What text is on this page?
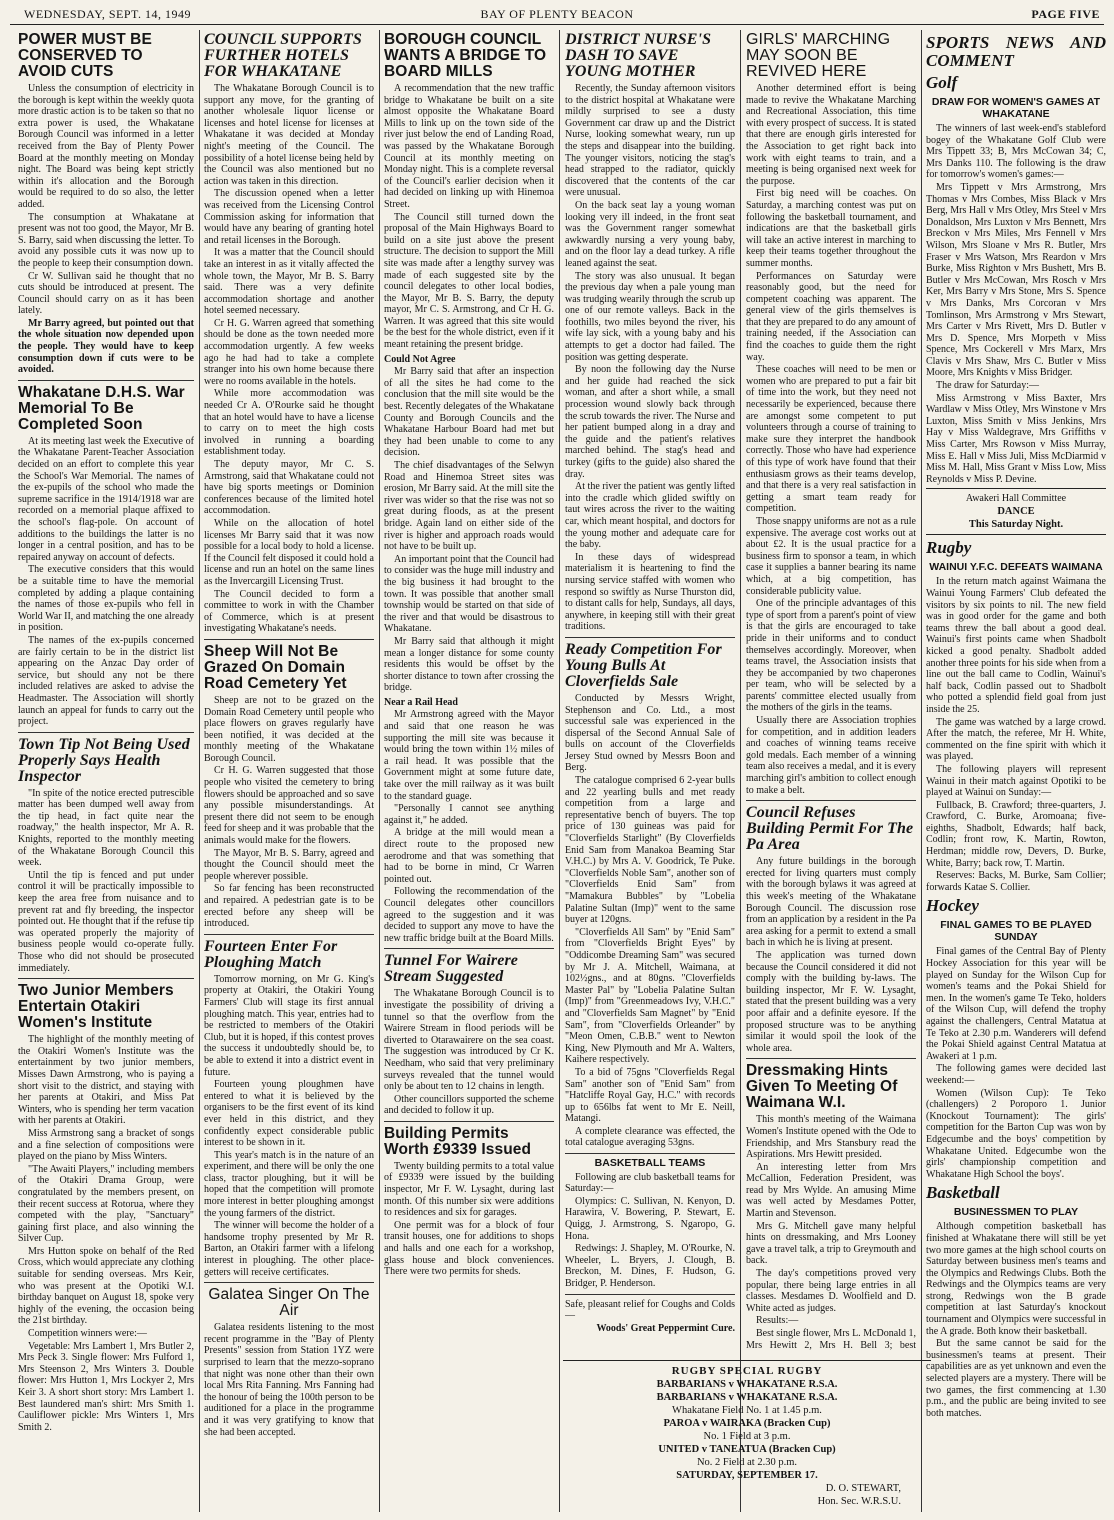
WEDNESDAY, SEPT. 14, 1949	BAY OF PLENTY BEACON	PAGE FIVE
POWER MUST BE CONSERVED TO AVOID CUTS

Unless the consumption of electricity in the borough is kept within the weekly quota more drastic action is to be taken so that no extra power is used, the Whakatane Borough Council was informed in a letter received from the Bay of Plenty Power Board at the monthly meeting on Monday night. The Board was being kept strictly within it's allocation and the Borough would be required to do so also, the letter added.

The consumption at Whakatane at present was not too good, the Mayor, Mr B. S. Barry, said when discussing the letter. To avoid any possible cuts it was now up to the people to keep their consumption down.

Cr W. Sullivan said he thought that no cuts should be introduced at present. The Council should carry on as it has been lately.

Mr Barry agreed, but pointed out that the whole situation now depended upon the people. They would have to keep consumption down if cuts were to be avoided.

Whakatane D.H.S. War Memorial To Be Completed Soon

At its meeting last week the Executive of the Whakatane Parent-Teacher Association decided on an effort to complete this year the School's War Memorial. The names of the ex-pupils of the school who made the supreme sacrifice in the 1914/1918 war are recorded on a memorial plaque affixed to the school's flag-pole. On account of additions to the buildings the latter is no longer in a central position, and has to be repaired anyway on account of defects.

The executive considers that this would be a suitable time to have the memorial completed by adding a plaque containing the names of those ex-pupils who fell in World War II, and matching the one already in position.

The names of the ex-pupils concerned are fairly certain to be in the district list appearing on the Anzac Day order of service, but should any not be there included relatives are asked to advise the Headmaster. The Association will shortly launch an appeal for funds to carry out the project.

Town Tip Not Being Used Properly Says Health Inspector

"In spite of the notice erected putrescible matter has been dumped well away from the tip head, in fact quite near the roadway," the health inspector, Mr A. R. Knights, reported to the monthly meeting of the Whakatane Borough Council this week.

Until the tip is fenced and put under control it will be practically impossible to keep the area free from nuisance and to prevent rat and fly breeding, the inspector pointed out. He thought that if the refuse tip was operated properly the majority of business people would co-operate fully. Those who did not should be prosecuted immediately.

Two Junior Members Entertain Otakiri Women's Institute

The highlight of the monthly meeting of the Otakiri Women's Institute was the entertainment by two junior members, Misses Dawn Armstrong, who is paying a short visit to the district, and staying with her parents at Otakiri, and Miss Pat Winters, who is spending her term vacation with her parents at Otakiri.

Miss Armstrong sang a bracket of songs and a fine selection of compositions were played on the piano by Miss Winters.

"The Awaiti Players," including members of the Otakiri Drama Group, were congratulated by the members present, on their recent success at Rotorua, where they competed with the play, "Sanctuary" gaining first place, and also winning the Silver Cup.

Mrs Hutton spoke on behalf of the Red Cross, which would appreciate any clothing suitable for sending overseas. Mrs Keir, who was present at the Opotiki W.I. birthday banquet on August 18, spoke very highly of the evening, the occasion being the 21st birthday.

Competition winners were:—

Vegetable: Mrs Lambert 1, Mrs Butler 2, Mrs Peck 3. Single flower: Mrs Fulford 1, Mrs Steenson 2, Mrs Winters 3. Double flower: Mrs Hutton 1, Mrs Lockyer 2, Mrs Keir 3. A short short story: Mrs Lambert 1. Best laundered man's shirt: Mrs Smith 1. Cauliflower pickle: Mrs Winters 1, Mrs Smith 2.

COUNCIL SUPPORTS FURTHER HOTELS FOR WHAKATANE

The Whakatane Borough Council is to support any move, for the granting of another wholesale liquor license or licenses and hotel license for licenses at Whakatane it was decided at Monday night's meeting of the Council. The possibility of a hotel license being held by the Council was also mentioned but no action was taken in this direction.

The discussion opened when a letter was received from the Licensing Control Commission asking for information that would have any bearing of granting hotel and retail licenses in the Borough.

It was a matter that the Council should take an interest in as it vitally affected the whole town, the Mayor, Mr B. S. Barry said. There was a very definite accommodation shortage and another hotel seemed necessary.

Cr H. G. Warren agreed that something should be done as the town needed more accommodation urgently. A few weeks ago he had had to take a complete stranger into his own home because there were no rooms available in the hotels.

While more accommodation was needed Cr A. O'Rourke said he thought that an hotel would have to have a license to carry on to meet the high costs involved in running a boarding establishment today.

The deputy mayor, Mr C. S. Armstrong, said that Whakatane could not have big sports meetings or Dominion conferences because of the limited hotel accommodation.

While on the allocation of hotel licenses Mr Barry said that it was now possible for a local body to hold a license. If the Council felt disposed it could hold a license and run an hotel on the same lines as the Invercargill Licensing Trust.

The Council decided to form a committee to work in with the Chamber of Commerce, which is at present investigating Whakatane's needs.

Sheep Will Not Be Grazed On Domain Road Cemetery Yet

Sheep are not to be grazed on the Domain Road Cemetery until people who place flowers on graves regularly have been notified, it was decided at the monthly meeting of the Whakatane Borough Council.

Cr H. G. Warren suggested that those people who visited the cemetery to bring flowers should be approached and so save any possible misunderstandings. At present there did not seem to be enough feed for sheep and it was probable that the animals would make for the flowers.

The Mayor, Mr B. S. Barry, agreed and thought the Council should meet the people wherever possible.

So far fencing has been reconstructed and repaired. A pedestrian gate is to be erected before any sheep will be introduced.

Fourteen Enter For Ploughing Match

Tomorrow morning, on Mr G. King's property at Otakiri, the Otakiri Young Farmers' Club will stage its first annual ploughing match. This year, entries had to be restricted to members of the Otakiri Club, but it is hoped, if this contest proves the success it undoubtedly should be, to be able to extend it into a district event in future.

Fourteen young ploughmen have entered to what it is believed by the organisers to be the first event of its kind ever held in this district, and they confidently expect considerable public interest to be shown in it.

This year's match is in the nature of an experiment, and there will be only the one class, tractor ploughing, but it will be hoped that the competition will promote more interest in better ploughing amongst the young farmers of the district.

The winner will become the holder of a handsome trophy presented by Mr R. Barton, an Otakiri farmer with a lifelong interest in ploughing. The other place-getters will receive certificates.

Galatea Singer On The Air

Galatea residents listening to the most recent programme in the "Bay of Plenty Presents" session from Station 1YZ were surprised to learn that the mezzo-soprano that night was none other than their own local Mrs Rita Fanning. Mrs Fanning had the honour of being the 100th person to be auditioned for a place in the programme and it was very gratifying to know that she had been accepted.

BOROUGH COUNCIL WANTS A BRIDGE TO BOARD MILLS

A recommendation that the new traffic bridge to Whakatane be built on a site almost opposite the Whakatane Board Mills to link up on the town side of the river just below the end of Landing Road, was passed by the Whakatane Borough Council at its monthly meeting on Monday night. This is a complete reversal of the Council's earlier decision when it had decided on linking up with Hinemoa Street.

The Council still turned down the proposal of the Main Highways Board to build on a site just above the present structure. The decision to support the Mill site was made after a lengthy survey was made of each suggested site by the council delegates to other local bodies, the Mayor, Mr B. S. Barry, the deputy mayor, Mr C. S. Armstrong, and Cr H. G. Warren. It was agreed that this site would be the best for the whole district, even if it meant retaining the present bridge.

Could Not Agree

Mr Barry said that after an inspection of all the sites he had come to the conclusion that the mill site would be the best. Recently delegates of the Whakatane County and Borough Councils and the Whakatane Harbour Board had met but they had been unable to come to any decision.

The chief disadvantages of the Selwyn Road and Hinemoa Street sites was erosion, Mr Barry said. At the mill site the river was wider so that the rise was not so great during floods, as at the present bridge. Again land on either side of the river is higher and approach roads would not have to be built up.

An important point that the Council had to consider was the huge mill industry and the big business it had brought to the town. It was possible that another small township would be started on that side of the river and that would be disastrous to Whakatane.

Mr Barry said that although it might mean a longer distance for some county residents this would be offset by the shorter distance to town after crossing the bridge.

Near a Rail Head

Mr Armstrong agreed with the Mayor and said that one reason he was supporting the mill site was because it would bring the town within 1½ miles of a rail head. It was possible that the Government might at some future date, take over the mill railway as it was built to the standard guage.

"Personally I cannot see anything against it," he added.

A bridge at the mill would mean a direct route to the proposed new aerodrome and that was something that had to be borne in mind, Cr Warren pointed out.

Following the recommendation of the Council delegates other councillors agreed to the suggestion and it was decided to support any move to have the new traffic bridge built at the Board Mills.

Tunnel For Wairere Stream Suggested

The Whakatane Borough Council is to investigate the possibility of driving a tunnel so that the overflow from the Wairere Stream in flood periods will be diverted to Otarawairere on the sea coast. The suggestion was introduced by Cr K. Needham, who said that very preliminary surveys revealed that the tunnel would only be about ten to 12 chains in length.

Other councillors supported the scheme and decided to follow it up.

Building Permits Worth £9339 Issued

Twenty building permits to a total value of £9339 were issued by the building inspector, Mr F. W. Lysaght, during last month. Of this number six were additions to residences and six for garages.

One permit was for a block of four transit houses, one for additions to shops and halls and one each for a workshop, glass house and block conveniences. There were two permits for sheds.

DISTRICT NURSE'S DASH TO SAVE YOUNG MOTHER

Recently, the Sunday afternoon visitors to the district hospital at Whakatane were mildly surprised to see a dusty Government car draw up and the District Nurse, looking somewhat weary, run up the steps and disappear into the building. The younger visitors, noticing the stag's head strapped to the radiator, quickly discovered that the contents of the car were unusual.

On the back seat lay a young woman looking very ill indeed, in the front seat was the Government ranger somewhat awkwardly nursing a very young baby, and on the floor lay a dead turkey. A rifle leaned against the seat.

The story was also unusual. It began the previous day when a pale young man was trudging wearily through the scrub up one of our remote valleys. Back in the foothills, two miles beyond the river, his wife lay sick, with a young baby and his attempts to get a doctor had failed. The position was getting desperate.

By noon the following day the Nurse and her guide had reached the sick woman, and after a short while, a small procession wound slowly back through the scrub towards the river. The Nurse and her patient bumped along in a dray and the guide and the patient's relatives marched behind. The stag's head and turkey (gifts to the guide) also shared the dray.

At the river the patient was gently lifted into the cradle which glided swiftly on taut wires across the river to the waiting car, which meant hospital, and doctors for the young mother and adequate care for the baby.

In these days of widespread materialism it is heartening to find the nursing service staffed with women who respond so swiftly as Nurse Thurston did, to distant calls for help, Sundays, all days, anywhere, in keeping still with their great traditions.

Ready Competition For Young Bulls At Cloverfields Sale

Conducted by Messrs Wright, Stephenson and Co. Ltd., a most successful sale was experienced in the dispersal of the Second Annual Sale of bulls on account of the Cloverfields Jersey Stud owned by Messrs Boon and Berg.

The catalogue comprised 6 2-year bulls and 22 yearling bulls and met ready competition from a large and representative bench of buyers. The top price of 130 guineas was paid for "Cloverfields Starlight" (By Cloverfields Enid Sam from Manakoa Beaming Star V.H.C.) by Mrs A. V. Goodrick, Te Puke. "Cloverfields Noble Sam", another son of "Cloverfields Enid Sam" from "Mamakura Bubbles" by "Lobelia Palatine Sultan (Imp)" went to the same buyer at 120gns.

"Cloverfields All Sam" by "Enid Sam" from "Cloverfields Bright Eyes" by "Oddicombe Dreaming Sam" was secured by Mr J. A. Mitchell, Waimana, at 102½gns., and at 80gns. "Cloverfields Master Pal" by "Lobelia Palatine Sultan (Imp)" from "Greenmeadows Ivy, V.H.C." and "Cloverfields Sam Magnet" by "Enid Sam", from "Cloverfields Orleander" by "Meon Omen, C.B.B." went to Newton King, New Plymouth and Mr A. Walters, Kaihere respectively.

To a bid of 75gns "Cloverfields Regal Sam" another son of "Enid Sam" from "Hatcliffe Royal Gay, H.C." with records up to 656lbs fat went to Mr E. Neill, Matangi.

A complete clearance was effected, the total catalogue averaging 53gns.

BASKETBALL TEAMS

Following are club basketball teams for Saturday:—

Olympics: C. Sullivan, N. Kenyon, D. Harawira, V. Bowering, P. Stewart, E. Quigg, J. Armstrong, S. Ngaropo, G. Hona.

Redwings: J. Shapley, M. O'Rourke, N. Wheeler, L. Bryers, J. Clough, B. Breckon, M. Dines, F. Hudson, G. Bridger, P. Henderson.

Safe, pleasant relief for Coughs and Colds—

Woods' Great Peppermint Cure.

GIRLS' MARCHING MAY SOON BE REVIVED HERE

Another determined effort is being made to revive the Whakatane Marching and Recreational Association, this time with every prospect of success. It is stated that there are enough girls interested for the Association to get right back into work with eight teams to train, and a meeting is being organised next week for the purpose.

First big need will be coaches. On Saturday, a marching contest was put on following the basketball tournament, and indications are that the basketball girls will take an active interest in marching to keep their teams together throughout the summer months.

Performances on Saturday were reasonably good, but the need for competent coaching was apparent. The general view of the girls themselves is that they are prepared to do any amount of training needed, if the Association can find the coaches to guide them the right way.

These coaches will need to be men or women who are prepared to put a fair bit of time into the work, but they need not necessarily be experienced, because there are amongst some competent to put volunteers through a course of training to make sure they interpret the handbook correctly. Those who have had experience of this type of work have found that their enthusiasm grows as their teams develop, and that there is a very real satisfaction in getting a smart team ready for competition.

Those snappy uniforms are not as a rule expensive. The average cost works out at about £2. It is the usual practice for a business firm to sponsor a team, in which case it supplies a banner bearing its name which, at a big competition, has considerable publicity value.

One of the principle advantages of this type of sport from a parent's point of view is that the girls are encouraged to take pride in their uniforms and to conduct themselves accordingly. Moreover, when teams travel, the Association insists that they be accompanied by two chaperones per team, who will be selected by a parents' committee elected usually from the mothers of the girls in the teams.

Usually there are Association trophies for competition, and in addition leaders and coaches of winning teams receive gold medals. Each member of a winning team also receives a medal, and it is every marching girl's ambition to collect enough to make a belt.

Council Refuses Building Permit For The Pa Area

Any future buildings in the borough erected for living quarters must comply with the borough bylaws it was agreed at this week's meeting of the Whakatane Borough Council. The discussion rose from an application by a resident in the Pa area asking for a permit to extend a small bach in which he is living at present.

The application was turned down because the Council considered it did not comply with the building by-laws. The building inspector, Mr F. W. Lysaght, stated that the present building was a very poor affair and a definite eyesore. If the proposed structure was to be anything similar it would spoil the look of the whole area.

Dressmaking Hints Given To Meeting Of Waimana W.I.

This month's meeting of the Waimana Women's Institute opened with the Ode to Friendship, and Mrs Stansbury read the Aspirations. Mrs Hewitt presided.

An interesting letter from Mrs McCallion, Federation President, was read by Mrs Wylde. An amusing Mime was well acted by Mesdames Potter, Martin and Stevenson.

Mrs G. Mitchell gave many helpful hints on dressmaking, and Mrs Looney gave a travel talk, a trip to Greymouth and back.

The day's competitions proved very popular, there being large entries in all classes. Mesdames D. Woolfield and D. White acted as judges.

Results:—

Best single flower, Mrs L. McDonald 1, Mrs Hewitt 2, Mrs H. Bell 3; best

RUGBY SPECIAL RUGBY
BARBARIANS v WHAKATANE R.S.A.
BARBARIANS v WHAKATANE R.S.A.
Whakatane Field No. 1 at 1.45 p.m.
PAROA v WAIRAKA (Bracken Cup)
No. 1 Field at 3 p.m.
UNITED v TANEATUA (Bracken Cup)
No. 2 Field at 2.30 p.m.
SATURDAY, SEPTEMBER 17.
D. O. STEWART,
Hon. Sec. W.R.S.U.
SPORTS NEWS AND COMMENT
Golf
DRAW FOR WOMEN'S GAMES AT WHAKATANE

The winners of last week-end's stableford bogey of the Whakatane Golf Club were Mrs Tippett 33; B, Mrs McCowan 34; C, Mrs Danks 110. The following is the draw for tomorrow's women's games:—

Mrs Tippett v Mrs Armstrong, Mrs Thomas v Mrs Combes, Miss Black v Mrs Berg, Mrs Hall v Mrs Otley, Mrs Steel v Mrs Donaldson, Mrs Luxton v Mrs Bennett, Mrs Breckon v Mrs Miles, Mrs Fennell v Mrs Wilson, Mrs Sloane v Mrs R. Butler, Mrs Fraser v Mrs Watson, Mrs Reardon v Mrs Burke, Miss Righton v Mrs Bushett, Mrs B. Butler v Mrs McCowan, Mrs Rosch v Mrs Ker, Mrs Barry v Mrs Stone, Mrs S. Spence v Mrs Danks, Mrs Corcoran v Mrs Tomlinson, Mrs Armstrong v Mrs Stewart, Mrs Carter v Mrs Rivett, Mrs D. Butler v Mrs D. Spence, Mrs Morpeth v Miss Spence, Mrs Cockerell v Mrs Marx, Mrs Clavis v Mrs Shaw, Mrs C. Butler v Miss Moore, Mrs Knights v Miss Bridger.

The draw for Saturday:—

Miss Armstrong v Miss Baxter, Mrs Wardlaw v Miss Otley, Mrs Winstone v Mrs Luxton, Miss Smith v Miss Jenkins, Mrs Hay v Miss Waldegrave, Mrs Griffiths v Miss Carter, Mrs Rowson v Miss Murray, Miss E. Hall v Miss Juli, Miss McDiarmid v Miss M. Hall, Miss Grant v Miss Low, Miss Reynolds v Miss P. Devine.

Awakeri Hall Committee
DANCE
This Saturday Night.
Rugby
WAINUI Y.F.C. DEFEATS WAIMANA

In the return match against Waimana the Wainui Young Farmers' Club defeated the visitors by six points to nil. The new field was in good order for the game and both teams threw the ball about a good deal. Wainui's first points came when Shadbolt kicked a good penalty. Shadbolt added another three points for his side when from a line out the ball came to Codlin, Wainui's half back, Codlin passed out to Shadbolt who potted a splendid field goal from just inside the 25.

The game was watched by a large crowd. After the match, the referee, Mr H. White, commented on the fine spirit with which it was played.

The following players will represent Wainui in their match against Opotiki to be played at Wainui on Sunday:—

Fullback, B. Crawford; three-quarters, J. Crawford, C. Burke, Aromoana; five-eighths, Shadbolt, Edwards; half back, Codlin; front row, K. Martin, Rowton, Herdman; middle row, Devers, D. Burke, White, Barry; back row, T. Martin.

Reserves: Backs, M. Burke, Sam Collier; forwards Katae S. Collier.

Hockey
FINAL GAMES TO BE PLAYED SUNDAY

Final games of the Central Bay of Plenty Hockey Association for this year will be played on Sunday for the Wilson Cup for women's teams and the Pokai Shield for men. In the women's game Te Teko, holders of the Wilson Cup, will defend the trophy against the challengers, Central Matatua at Te Teko at 2.30 p.m. Wanderers will defend the Pokai Shield against Central Matatua at Awakeri at 1 p.m.

The following games were decided last weekend:—

Women (Wilson Cup): Te Teko (challengers) 2 Poroporo 1. Junior (Knockout Tournament): The girls' competition for the Barton Cup was won by Edgecumbe and the boys' competition by Whakatane United. Edgecumbe won the girls' championship competition and Whakatane High School the boys'.

Basketball
BUSINESSMEN TO PLAY

Although competition basketball has finished at Whakatane there will still be yet two more games at the high school courts on Saturday between business men's teams and the Olympics and Redwings Clubs. Both the Redwings and the Olympics teams are very strong, Redwings won the B grade competition at last Saturday's knockout tournament and Olympics were successful in the A grade. Both know their basketball.

But the same cannot be said for the businessmen's teams at present. Their capabilities are as yet unknown and even the selected players are a mystery. There will be two games, the first commencing at 1.30 p.m., and the public are being invited to see both matches.
